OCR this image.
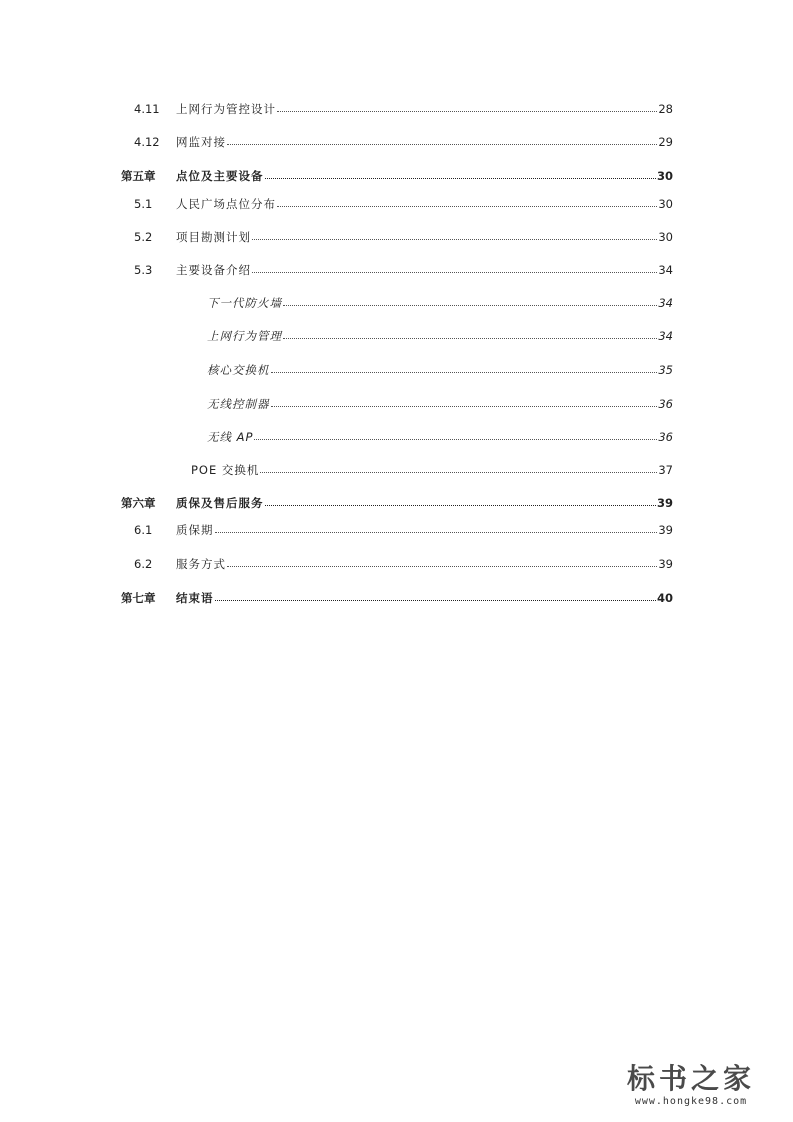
4.11	上网行为管控设计	28
4.12	网监对接	29
第五章	点位及主要设备	30
5.1	人民广场点位分布	30
5.2	项目勘测计划	30
5.3	主要设备介绍	34
下一代防火墙	34
上网行为管理	34
核心交换机	35
无线控制器	36
无线 AP	36
POE 交换机	37
第六章	质保及售后服务	39
6.1	质保期	39
6.2	服务方式	39
第七章	结束语	40
标书之家
www.hongke98.com
